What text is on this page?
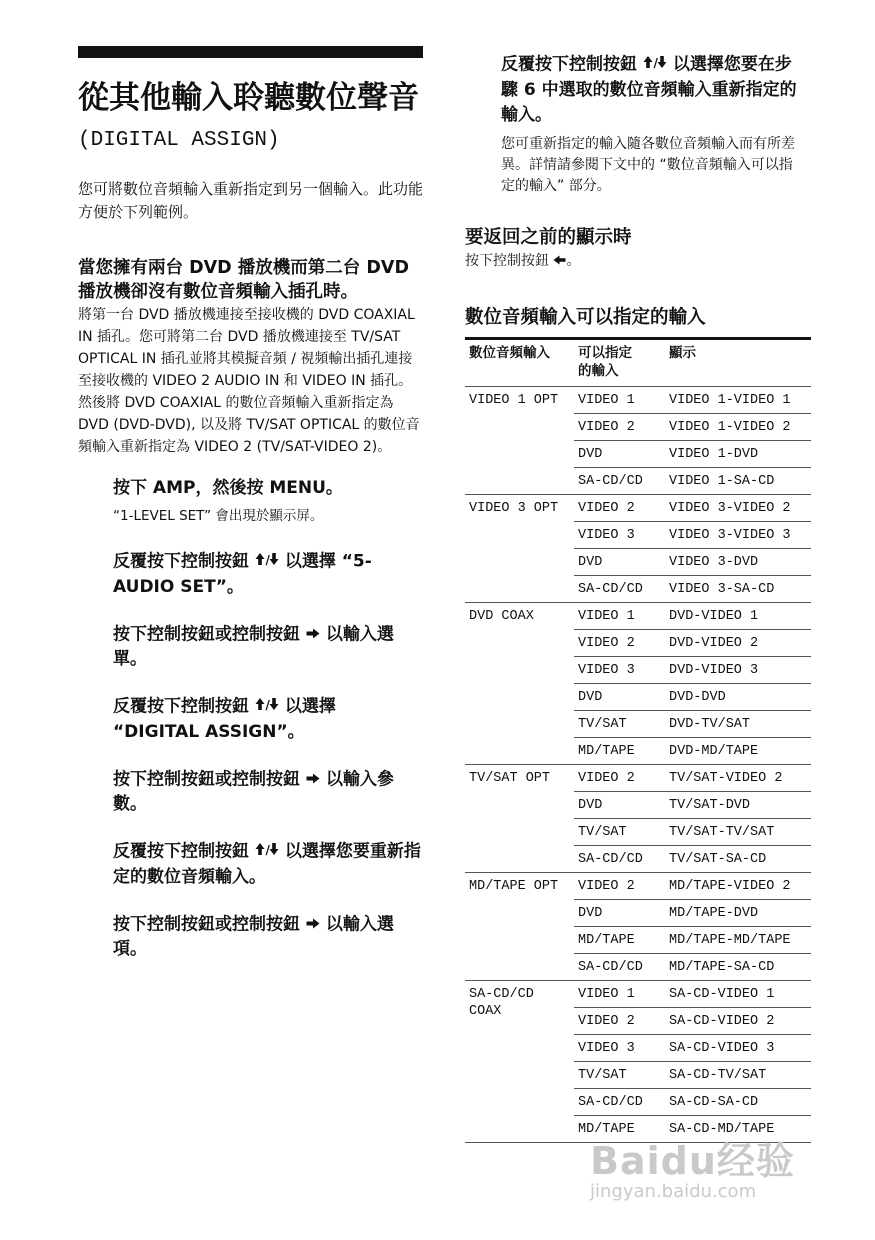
從其他輸入聆聽數位聲音
(DIGITAL ASSIGN)
您可將數位音頻輸入重新指定到另一個輸入。此功能方便於下列範例。
當您擁有兩台 DVD 播放機而第二台 DVD 播放機卻沒有數位音頻輸入插孔時。
將第一台 DVD 播放機連接至接收機的 DVD COAXIAL IN 插孔。您可將第二台 DVD 播放機連接至 TV/SAT OPTICAL IN 插孔並將其模擬音頻 / 視頻輸出插孔連接至接收機的 VIDEO 2 AUDIO IN 和 VIDEO IN 插孔。
然後將 DVD COAXIAL 的數位音頻輸入重新指定為 DVD (DVD-DVD), 以及將 TV/SAT OPTICAL 的數位音頻輸入重新指定為 VIDEO 2 (TV/SAT-VIDEO 2)。
按下 AMP，然後按 MENU。
“1-LEVEL SET” 會出現於顯示屏。
反覆按下控制按鈕 / 以選擇 “5-AUDIO SET”。
按下控制按鈕或控制按鈕  以輸入選單。
反覆按下控制按鈕 / 以選擇 “DIGITAL ASSIGN”。
按下控制按鈕或控制按鈕  以輸入參數。
反覆按下控制按鈕 / 以選擇您要重新指定的數位音頻輸入。
按下控制按鈕或控制按鈕  以輸入選項。
反覆按下控制按鈕 / 以選擇您要在步驟 6 中選取的數位音頻輸入重新指定的輸入。
您可重新指定的輸入隨各數位音頻輸入而有所差異。詳情請參閱下文中的 “數位音頻輸入可以指定的輸入” 部分。
要返回之前的顯示時
按下控制按鈕 。
數位音頻輸入可以指定的輸入
數位音頻輸入	可以指定的輸入	顯示
VIDEO 1 OPT	VIDEO 1	VIDEO 1-VIDEO 1
	VIDEO 2	VIDEO 1-VIDEO 2
	DVD	VIDEO 1-DVD
	SA-CD/CD	VIDEO 1-SA-CD
VIDEO 3 OPT	VIDEO 2	VIDEO 3-VIDEO 2
	VIDEO 3	VIDEO 3-VIDEO 3
	DVD	VIDEO 3-DVD
	SA-CD/CD	VIDEO 3-SA-CD
DVD COAX	VIDEO 1	DVD-VIDEO 1
	VIDEO 2	DVD-VIDEO 2
	VIDEO 3	DVD-VIDEO 3
	DVD	DVD-DVD
	TV/SAT	DVD-TV/SAT
	MD/TAPE	DVD-MD/TAPE
TV/SAT OPT	VIDEO 2	TV/SAT-VIDEO 2
	DVD	TV/SAT-DVD
	TV/SAT	TV/SAT-TV/SAT
	SA-CD/CD	TV/SAT-SA-CD
MD/TAPE OPT	VIDEO 2	MD/TAPE-VIDEO 2
	DVD	MD/TAPE-DVD
	MD/TAPE	MD/TAPE-MD/TAPE
	SA-CD/CD	MD/TAPE-SA-CD
SA-CD/CD COAX	VIDEO 1	SA-CD-VIDEO 1
	VIDEO 2	SA-CD-VIDEO 2
	VIDEO 3	SA-CD-VIDEO 3
	TV/SAT	SA-CD-TV/SAT
	SA-CD/CD	SA-CD-SA-CD
	MD/TAPE	SA-CD-MD/TAPE
Baidu经验
jingyan.baidu.com
